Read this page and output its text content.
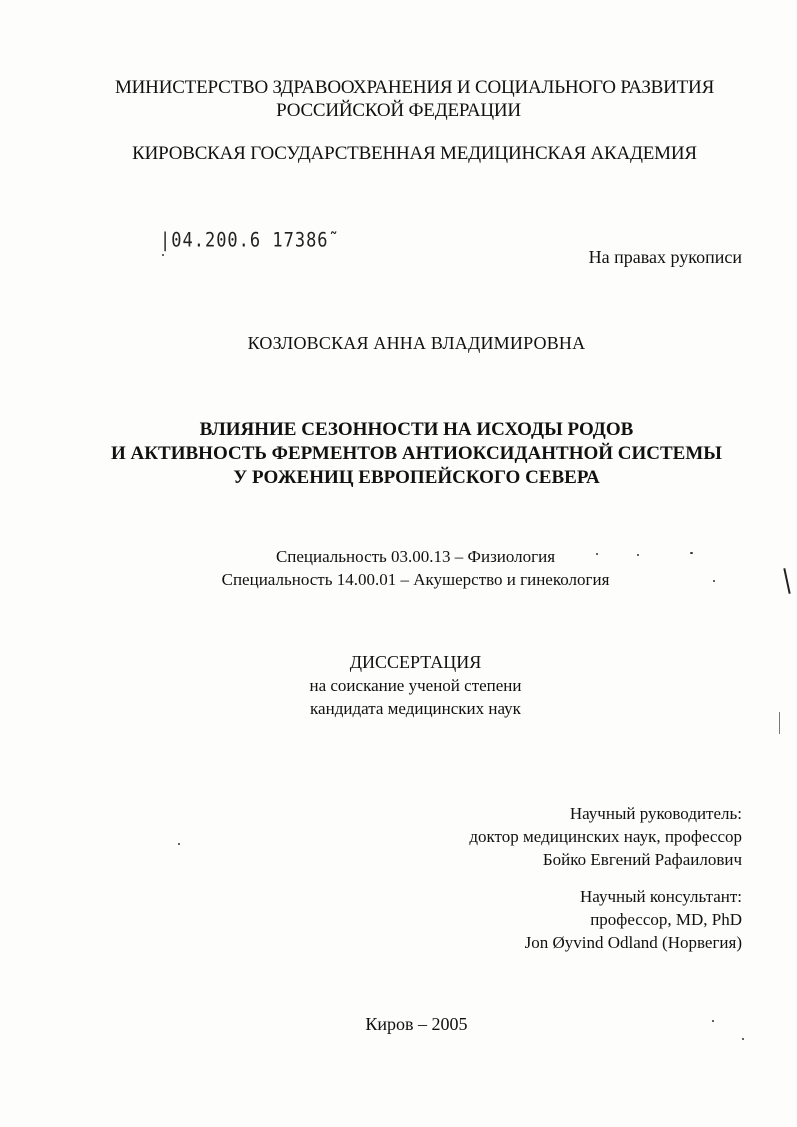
МИНИСТЕРСТВО ЗДРАВООХРАНЕНИЯ И СОЦИАЛЬНОГО РАЗВИТИЯ
РОССИЙСКОЙ ФЕДЕРАЦИИ
КИРОВСКАЯ ГОСУДАРСТВЕННАЯ МЕДИЦИНСКАЯ АКАДЕМИЯ
|04.200.6 17386˜
На правах рукописи
КОЗЛОВСКАЯ АННА ВЛАДИМИРОВНА
ВЛИЯНИЕ СЕЗОННОСТИ НА ИСХОДЫ РОДОВ
И АКТИВНОСТЬ ФЕРМЕНТОВ АНТИОКСИДАНТНОЙ СИСТЕМЫ
У РОЖЕНИЦ ЕВРОПЕЙСКОГО СЕВЕРА
Специальность 03.00.13 – Физиология
Специальность 14.00.01 – Акушерство и гинекология
ДИССЕРТАЦИЯ
на соискание ученой степени
кандидата медицинских наук
Научный руководитель:
доктор медицинских наук, профессор
Бойко Евгений Рафаилович
Научный консультант:
профессор, MD, PhD
Jon Øyvind Odland (Норвегия)
Киров – 2005
